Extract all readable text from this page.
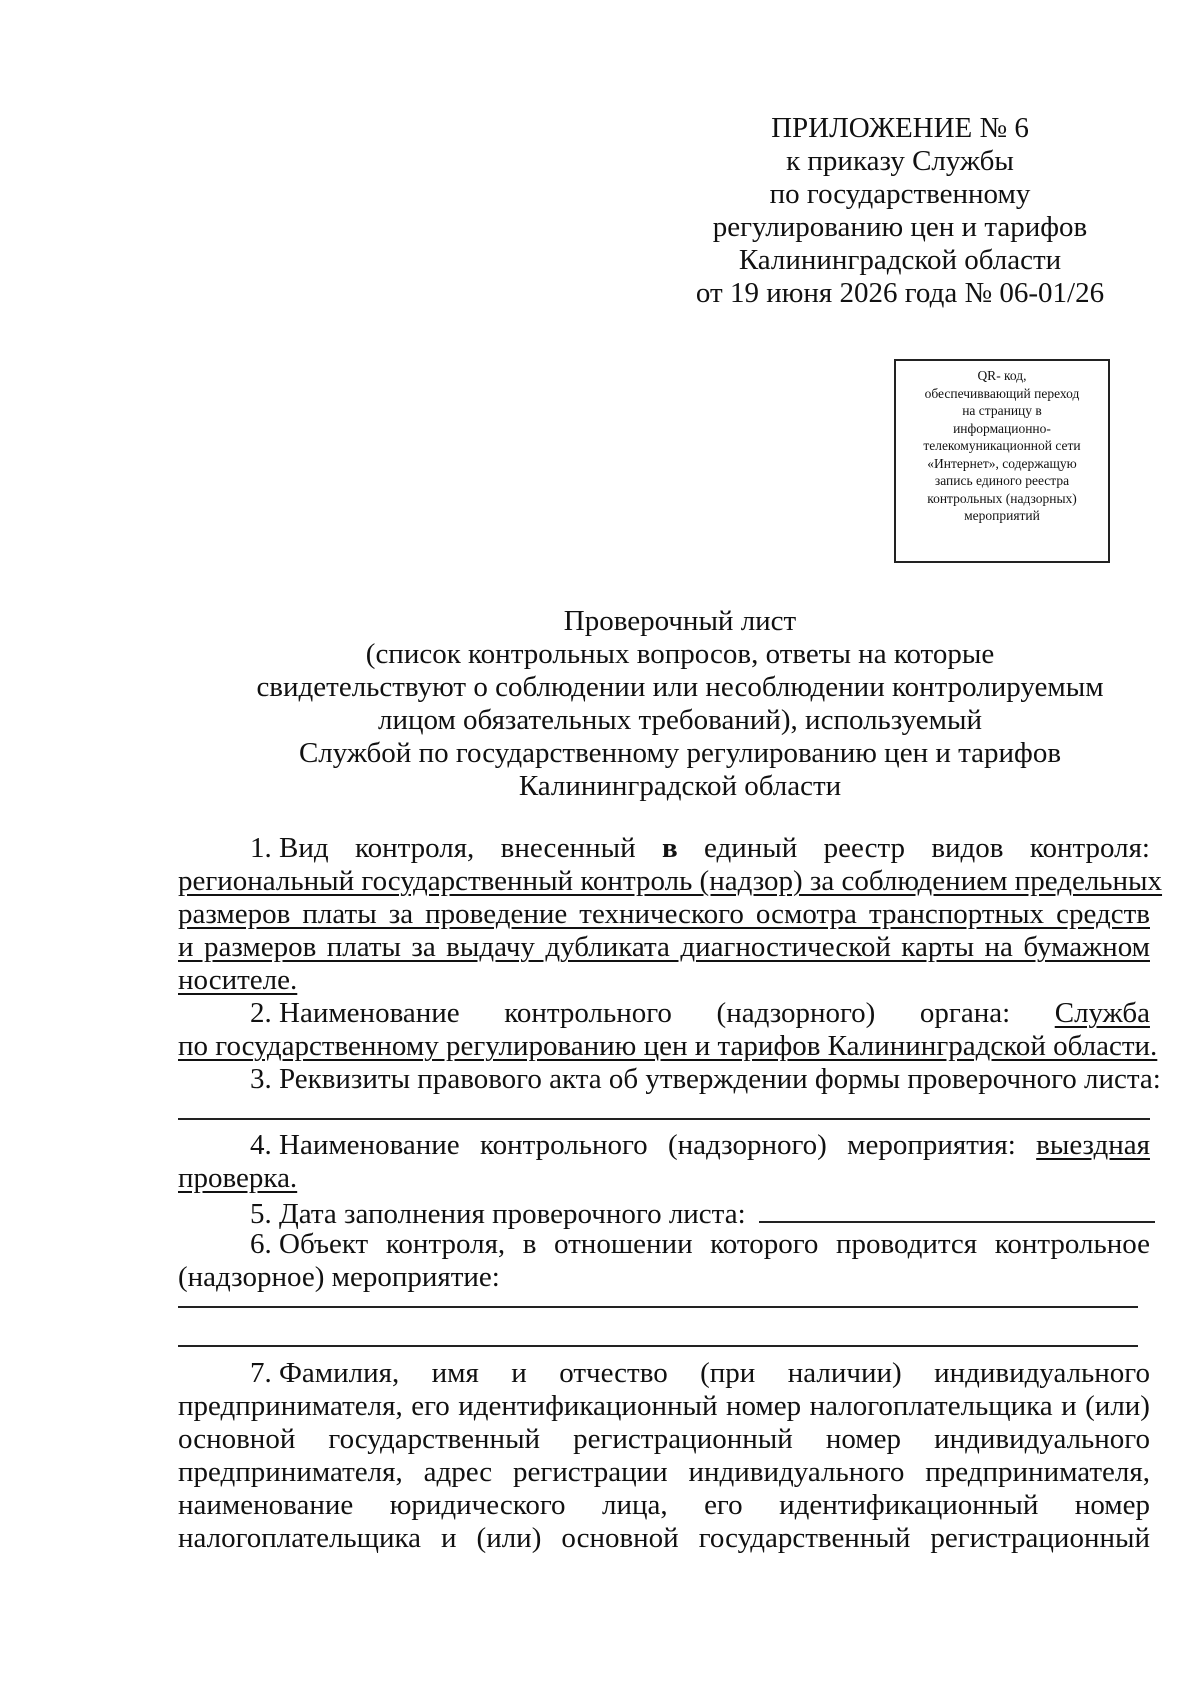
ПРИЛОЖЕНИЕ № 6
к приказу Службы
по государственному
регулированию цен и тарифов
Калининградской области
от 19 июня 2026 года № 06-01/26
QR- код,
обеспечиввающий переход
на страницу в
информационно-
телекомуникационной сети
«Интернет», содержащую
запись единого реестра
контрольных (надзорных)
мероприятий
Проверочный лист
(список контрольных вопросов, ответы на которые
свидетельствуют о соблюдении или несоблюдении контролируемым
лицом обязательных требований), используемый
Службой по государственному регулированию цен и тарифов
Калининградской области
1. Вид контроля, внесенный в единый реестр видов контроля:
региональный государственный контроль (надзор) за соблюдением предельных
размеров платы за проведение технического осмотра транспортных средств
и размеров платы за выдачу дубликата диагностической карты на бумажном
носителе.
2. Наименование контрольного (надзорного) органа: Служба
по государственному регулированию цен и тарифов Калининградской области.
3. Реквизиты правового акта об утверждении формы проверочного листа:
4. Наименование контрольного (надзорного) мероприятия: выездная
проверка.
5. Дата заполнения проверочного листа:
6. Объект контроля, в отношении которого проводится контрольное
(надзорное) мероприятие:
7. Фамилия, имя и отчество (при наличии) индивидуального
предпринимателя, его идентификационный номер налогоплательщика и (или)
основной государственный регистрационный номер индивидуального
предпринимателя, адрес регистрации индивидуального предпринимателя,
наименование юридического лица, его идентификационный номер
налогоплательщика и (или) основной государственный регистрационный
